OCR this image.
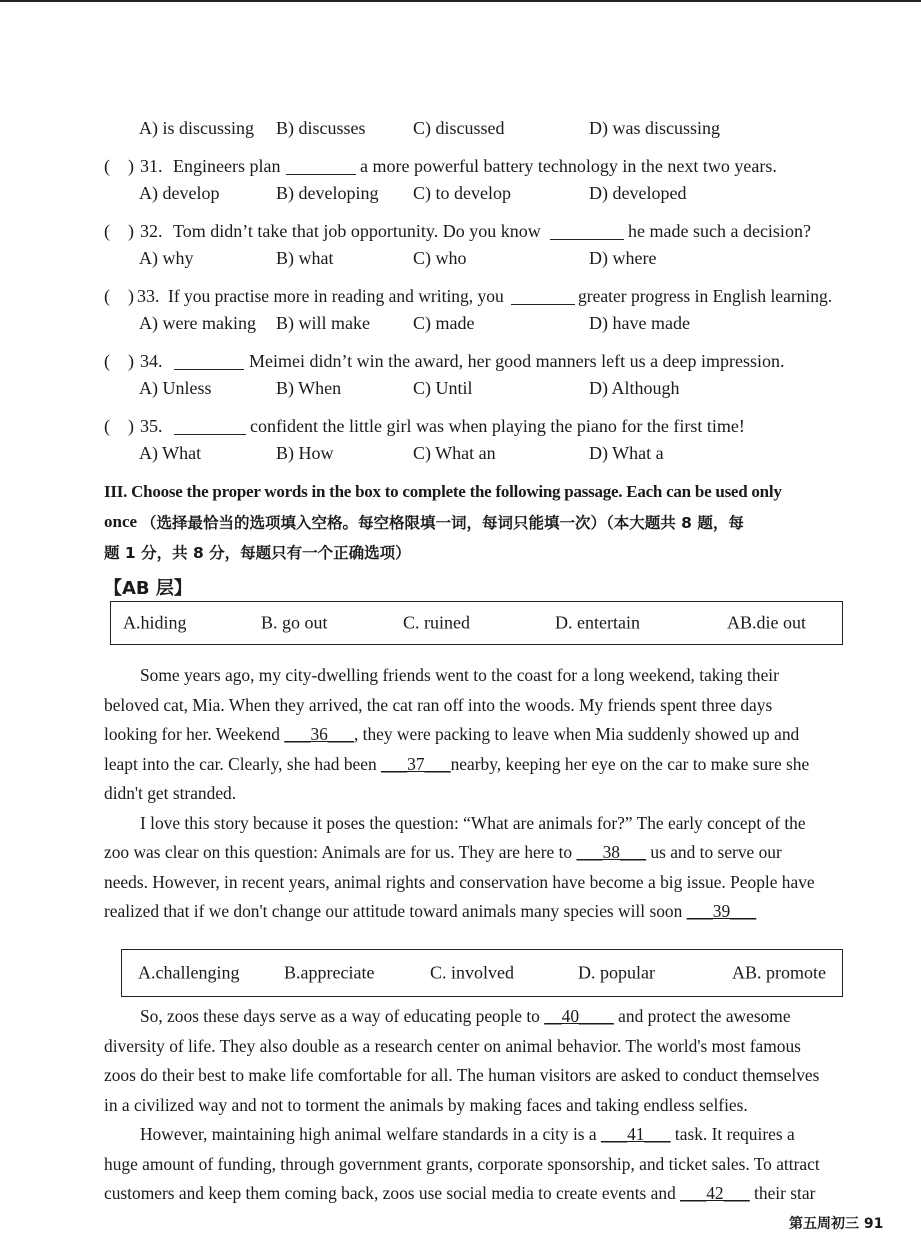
A) is discussing B) discusses	C) discussed	D) was discussing
( ) 31. Engineers plan	a more powerful battery technology in the next two years.
A) develop	B) developing C) to develop	D) developed
( ) 32. Tom didn’t take that job opportunity. Do you know	he made such a decision?
A) why	B) what	C) who	D) where
( ) 33. If you practise more in reading and writing, you	greater progress in English learning.
A) were making B) will make C) made	D) have made
( ) 34.	Meimei didn’t win the award, her good manners left us a deep impression.
A) Unless	B) When	C) Until	D) Although
( ) 35.	confident the little girl was when playing the piano for the first time!
A) What	B) How	C) What an	D) What a
III. Choose the proper words in the box to complete the following passage. Each can be used only
once （选择最恰当的选项填入空格。每空格限填一词，每词只能填一次）（本大题共 8 题，每
题 1 分，共 8 分，每题只有一个正确选项）
【AB 层】
A.hiding	B. go out	C. ruined	D. entertain	AB.die out

Some years ago, my city-dwelling friends went to the coast for a long weekend, taking their

beloved cat, Mia. When they arrived, the cat ran off into the woods. My friends spent three days

looking for her. Weekend ___36___, they were packing to leave when Mia suddenly showed up and

leapt into the car. Clearly, she had been ___37___nearby, keeping her eye on the car to make sure she

didn't get stranded.

I love this story because it poses the question: “What are animals for?” The early concept of the

zoo was clear on this question: Animals are for us. They are here to ___38___ us and to serve our

needs. However, in recent years, animal rights and conservation have become a big issue. People have

realized that if we don't change our attitude toward animals many species will soon ___39___

A.challenging B.appreciate	C. involved	D. popular	AB. promote

So, zoos these days serve as a way of educating people to __40____ and protect the awesome

diversity of life. They also double as a research center on animal behavior. The world's most famous

zoos do their best to make life comfortable for all. The human visitors are asked to conduct themselves

in a civilized way and not to torment the animals by making faces and taking endless selfies.

However, maintaining high animal welfare standards in a city is a ___41___ task. It requires a

huge amount of funding, through government grants, corporate sponsorship, and ticket sales. To attract

customers and keep them coming back, zoos use social media to create events and ___42___ their star

第五周初三 91
